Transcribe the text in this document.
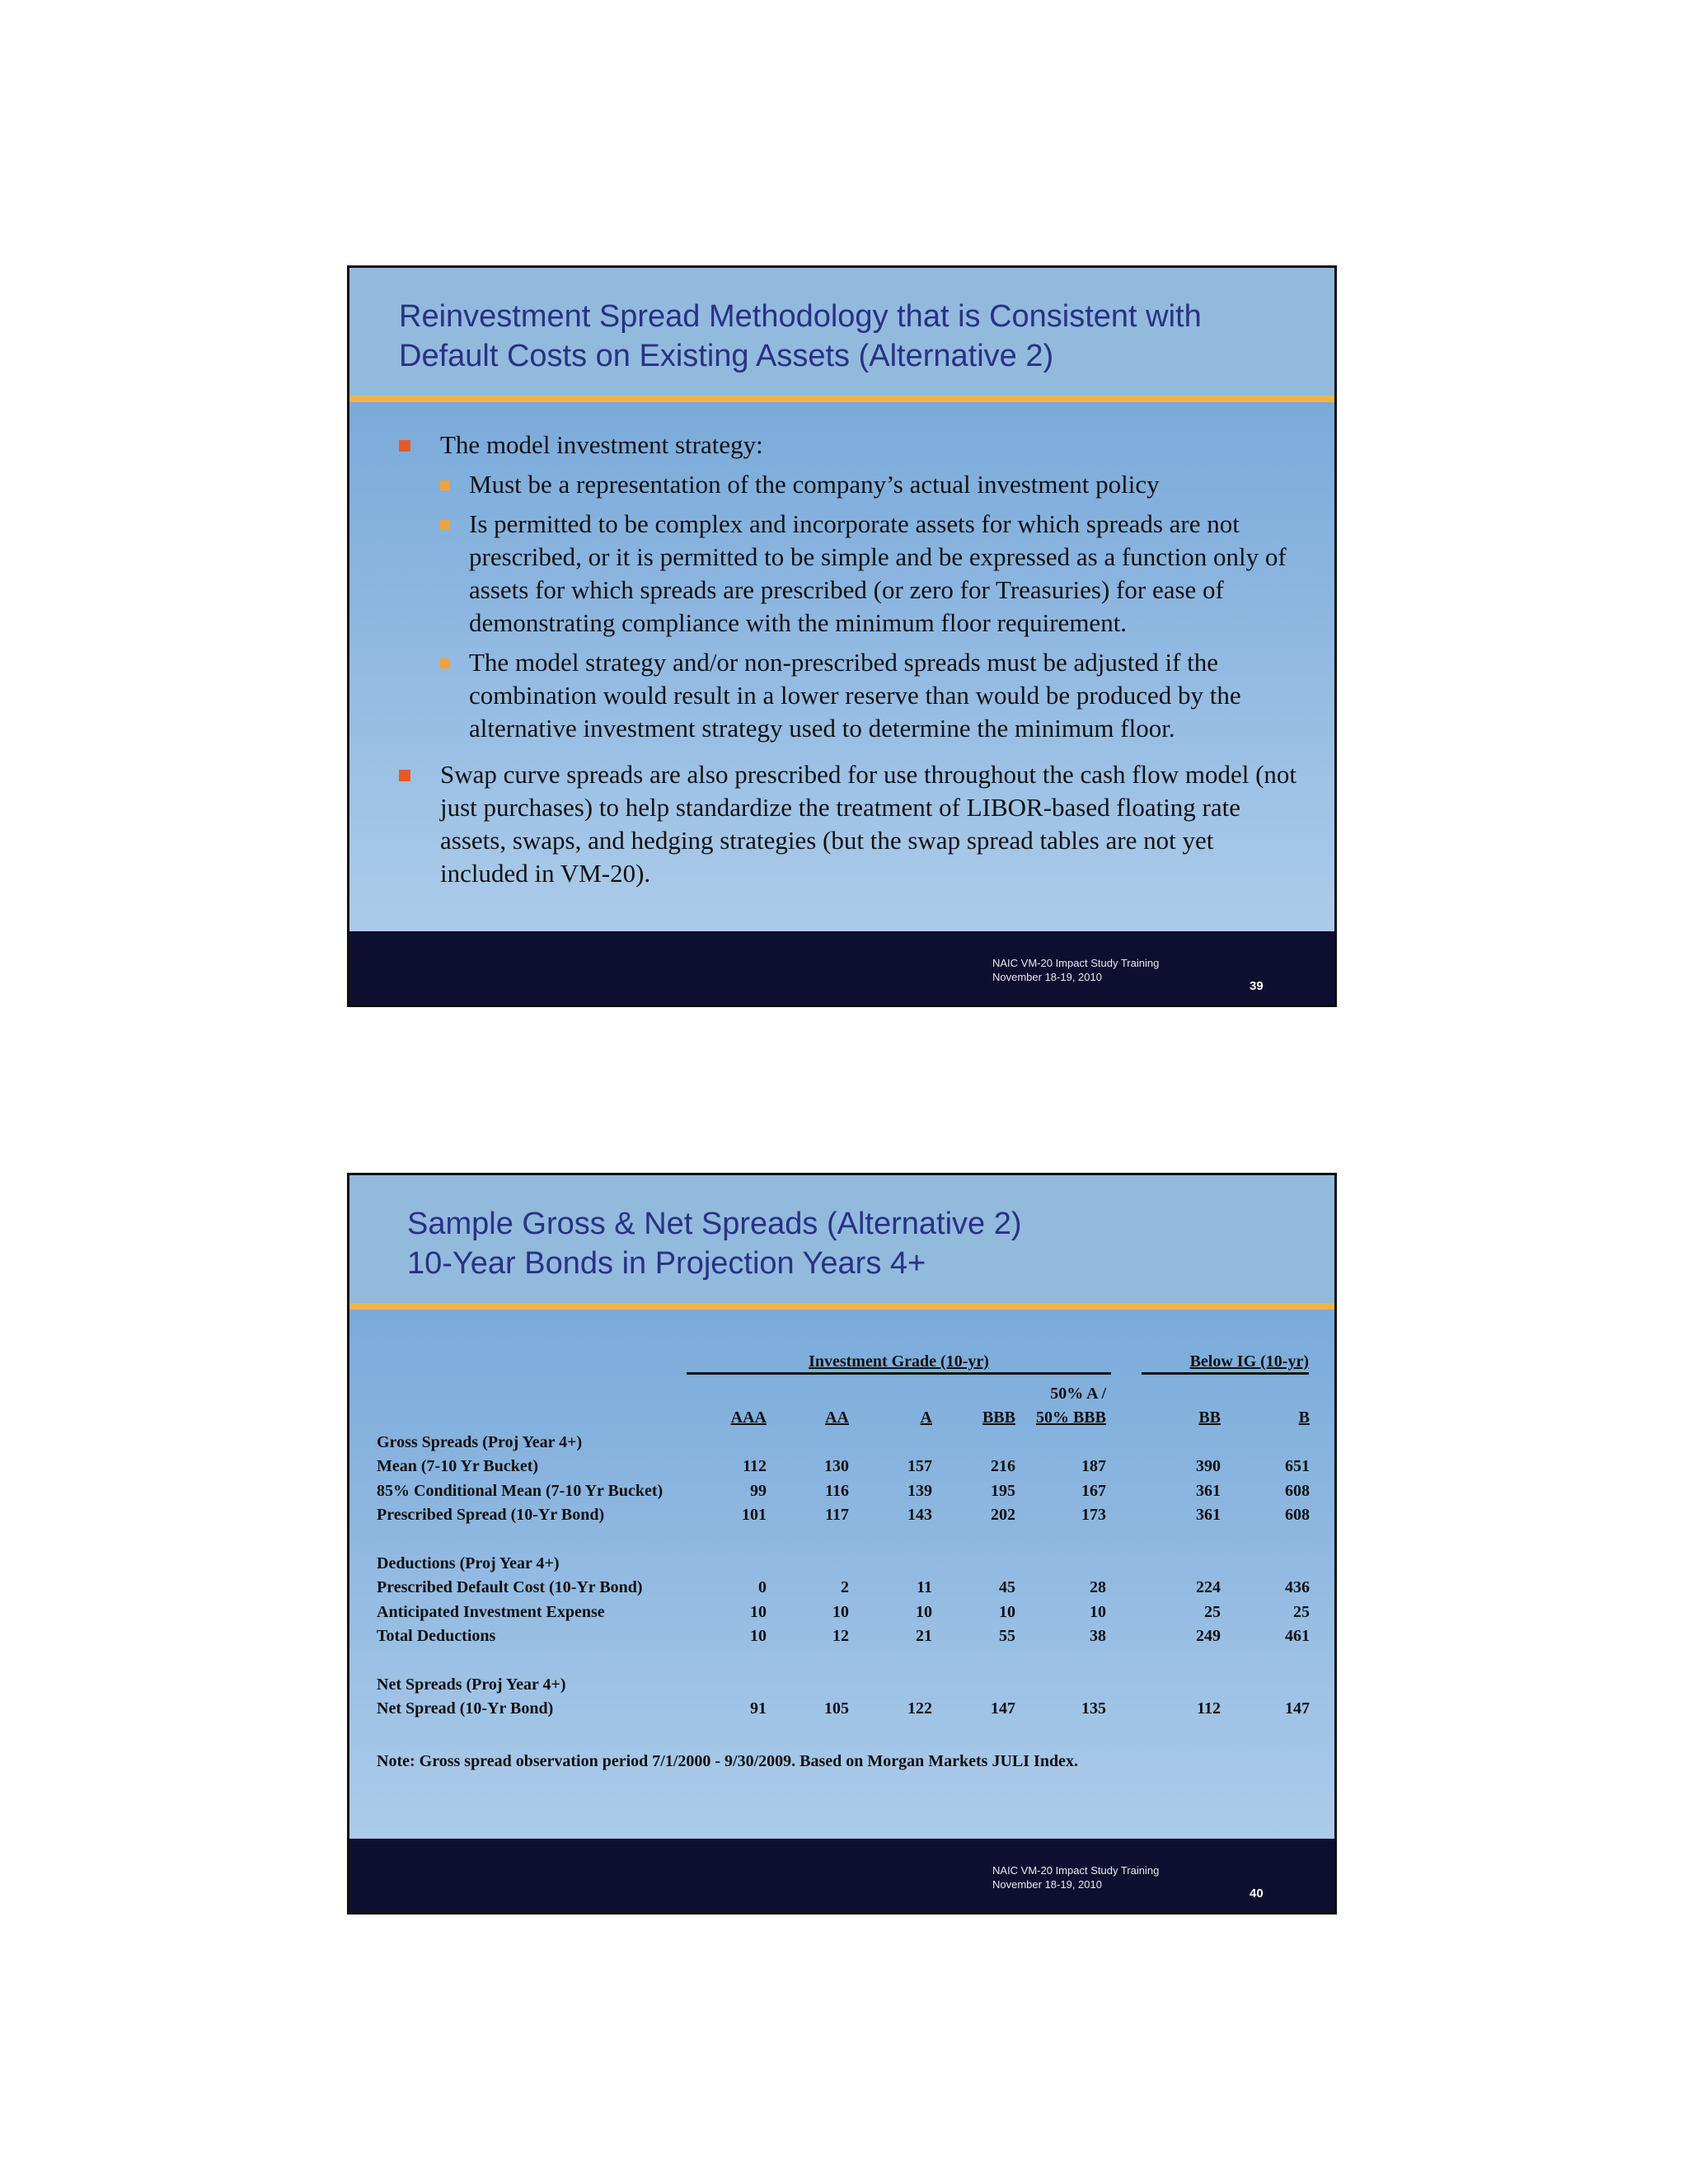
Reinvestment Spread Methodology that is Consistent with
Default Costs on Existing Assets (Alternative 2)
The model investment strategy:
Must be a representation of the company’s actual investment policy
Is permitted to be complex and incorporate assets for which spreads are not prescribed, or it is permitted to be simple and be expressed as a function only of assets for which spreads are prescribed (or zero for Treasuries) for ease of demonstrating compliance with the minimum floor requirement.
The model strategy and/or non-prescribed spreads must be adjusted if the combination would result in a lower reserve than would be produced by the alternative investment strategy used to determine the minimum floor.
Swap curve spreads are also prescribed for use throughout the cash flow model (not just purchases) to help standardize the treatment of LIBOR-based floating rate assets, swaps, and hedging strategies (but the swap spread tables are not yet included in VM-20).
NAIC VM-20 Impact Study Training
November 18-19, 2010
39
Sample Gross & Net Spreads (Alternative 2)
10-Year Bonds in Projection Years 4+
Investment Grade (10-yr)	Below IG (10-yr)
50% A /
AAA	AA	A	BBB	50% BBB	BB	B
Gross Spreads (Proj Year 4+)
Mean (7-10 Yr Bucket)	112	130	157	216	187	390	651
85% Conditional Mean (7-10 Yr Bucket)	99	116	139	195	167	361	608
Prescribed Spread (10-Yr Bond)	101	117	143	202	173	361	608
Deductions (Proj Year 4+)
Prescribed Default Cost (10-Yr Bond)	0	2	11	45	28	224	436
Anticipated Investment Expense	10	10	10	10	10	25	25
Total Deductions	10	12	21	55	38	249	461
Net Spreads (Proj Year 4+)
Net Spread (10-Yr Bond)	91	105	122	147	135	112	147
Note: Gross spread observation period 7/1/2000 - 9/30/2009. Based on Morgan Markets JULI Index.
NAIC VM-20 Impact Study Training
November 18-19, 2010
40
